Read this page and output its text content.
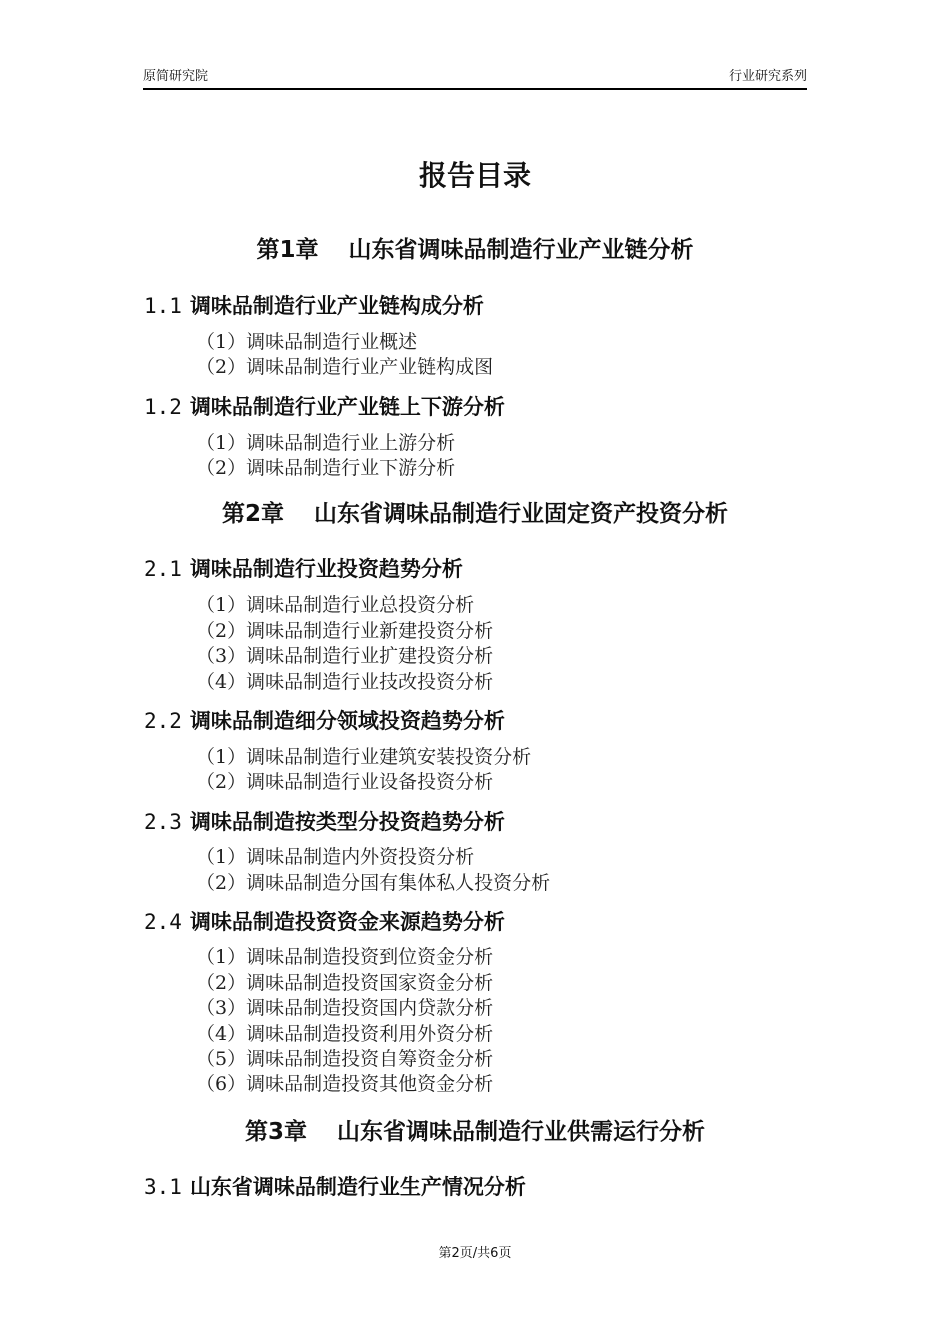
原简研究院	行业研究系列
报告目录
第1章 山东省调味品制造行业产业链分析
1.1 调味品制造行业产业链构成分析
（1）调味品制造行业概述
（2）调味品制造行业产业链构成图
1.2 调味品制造行业产业链上下游分析
（1）调味品制造行业上游分析
（2）调味品制造行业下游分析
第2章 山东省调味品制造行业固定资产投资分析
2.1 调味品制造行业投资趋势分析
（1）调味品制造行业总投资分析
（2）调味品制造行业新建投资分析
（3）调味品制造行业扩建投资分析
（4）调味品制造行业技改投资分析
2.2 调味品制造细分领域投资趋势分析
（1）调味品制造行业建筑安装投资分析
（2）调味品制造行业设备投资分析
2.3 调味品制造按类型分投资趋势分析
（1）调味品制造内外资投资分析
（2）调味品制造分国有集体私人投资分析
2.4 调味品制造投资资金来源趋势分析
（1）调味品制造投资到位资金分析
（2）调味品制造投资国家资金分析
（3）调味品制造投资国内贷款分析
（4）调味品制造投资利用外资分析
（5）调味品制造投资自筹资金分析
（6）调味品制造投资其他资金分析
第3章 山东省调味品制造行业供需运行分析
3.1 山东省调味品制造行业生产情况分析
第2页/共6页
